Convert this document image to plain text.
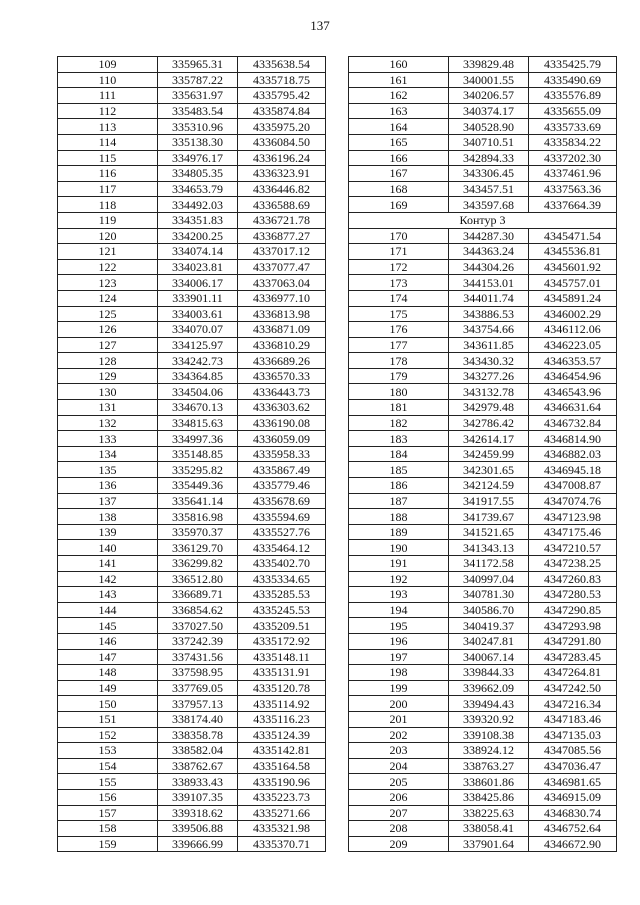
137
109	335965.31	4335638.54
110	335787.22	4335718.75
111	335631.97	4335795.42
112	335483.54	4335874.84
113	335310.96	4335975.20
114	335138.30	4336084.50
115	334976.17	4336196.24
116	334805.35	4336323.91
117	334653.79	4336446.82
118	334492.03	4336588.69
119	334351.83	4336721.78
120	334200.25	4336877.27
121	334074.14	4337017.12
122	334023.81	4337077.47
123	334006.17	4337063.04
124	333901.11	4336977.10
125	334003.61	4336813.98
126	334070.07	4336871.09
127	334125.97	4336810.29
128	334242.73	4336689.26
129	334364.85	4336570.33
130	334504.06	4336443.73
131	334670.13	4336303.62
132	334815.63	4336190.08
133	334997.36	4336059.09
134	335148.85	4335958.33
135	335295.82	4335867.49
136	335449.36	4335779.46
137	335641.14	4335678.69
138	335816.98	4335594.69
139	335970.37	4335527.76
140	336129.70	4335464.12
141	336299.82	4335402.70
142	336512.80	4335334.65
143	336689.71	4335285.53
144	336854.62	4335245.53
145	337027.50	4335209.51
146	337242.39	4335172.92
147	337431.56	4335148.11
148	337598.95	4335131.91
149	337769.05	4335120.78
150	337957.13	4335114.92
151	338174.40	4335116.23
152	338358.78	4335124.39
153	338582.04	4335142.81
154	338762.67	4335164.58
155	338933.43	4335190.96
156	339107.35	4335223.73
157	339318.62	4335271.66
158	339506.88	4335321.98
159	339666.99	4335370.71
160	339829.48	4335425.79
161	340001.55	4335490.69
162	340206.57	4335576.89
163	340374.17	4335655.09
164	340528.90	4335733.69
165	340710.51	4335834.22
166	342894.33	4337202.30
167	343306.45	4337461.96
168	343457.51	4337563.36
169	343597.68	4337664.39
Контур 3		
170	344287.30	4345471.54
171	344363.24	4345536.81
172	344304.26	4345601.92
173	344153.01	4345757.01
174	344011.74	4345891.24
175	343886.53	4346002.29
176	343754.66	4346112.06
177	343611.85	4346223.05
178	343430.32	4346353.57
179	343277.26	4346454.96
180	343132.78	4346543.96
181	342979.48	4346631.64
182	342786.42	4346732.84
183	342614.17	4346814.90
184	342459.99	4346882.03
185	342301.65	4346945.18
186	342124.59	4347008.87
187	341917.55	4347074.76
188	341739.67	4347123.98
189	341521.65	4347175.46
190	341343.13	4347210.57
191	341172.58	4347238.25
192	340997.04	4347260.83
193	340781.30	4347280.53
194	340586.70	4347290.85
195	340419.37	4347293.98
196	340247.81	4347291.80
197	340067.14	4347283.45
198	339844.33	4347264.81
199	339662.09	4347242.50
200	339494.43	4347216.34
201	339320.92	4347183.46
202	339108.38	4347135.03
203	338924.12	4347085.56
204	338763.27	4347036.47
205	338601.86	4346981.65
206	338425.86	4346915.09
207	338225.63	4346830.74
208	338058.41	4346752.64
209	337901.64	4346672.90
